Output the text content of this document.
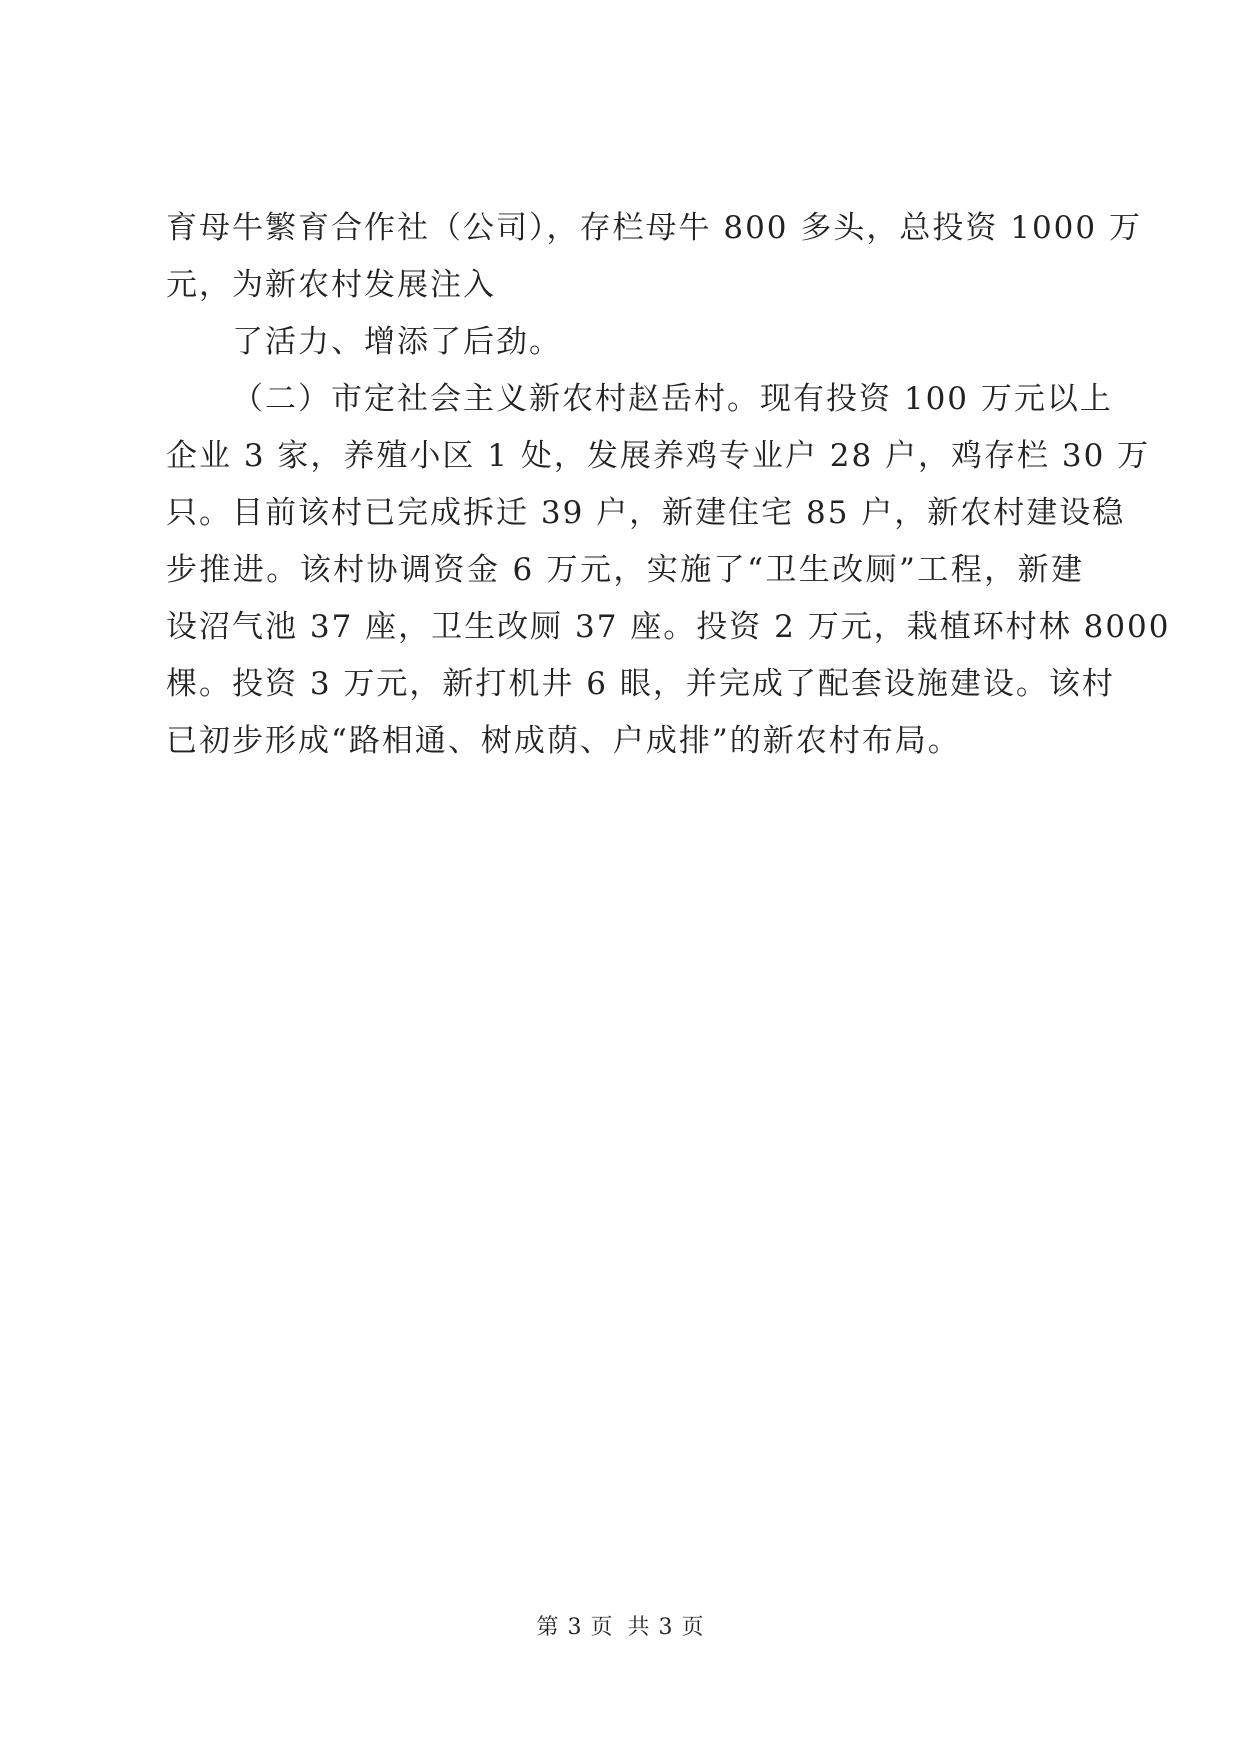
育母牛繁育合作社（公司），存栏母牛 800 多头，总投资 1000 万
元，为新农村发展注入
了活力、增添了后劲。
（二）市定社会主义新农村赵岳村。现有投资 100 万元以上
企业 3 家，养殖小区 1 处，发展养鸡专业户 28 户，鸡存栏 30 万
只。目前该村已完成拆迁 39 户，新建住宅 85 户，新农村建设稳
步推进。该村协调资金 6 万元，实施了“卫生改厕”工程，新建
设沼气池 37 座，卫生改厕 37 座。投资 2 万元，栽植环村林 8000
棵。投资 3 万元，新打机井 6 眼，并完成了配套设施建设。该村
已初步形成“路相通、树成荫、户成排”的新农村布局。
第 3 页 共 3 页
